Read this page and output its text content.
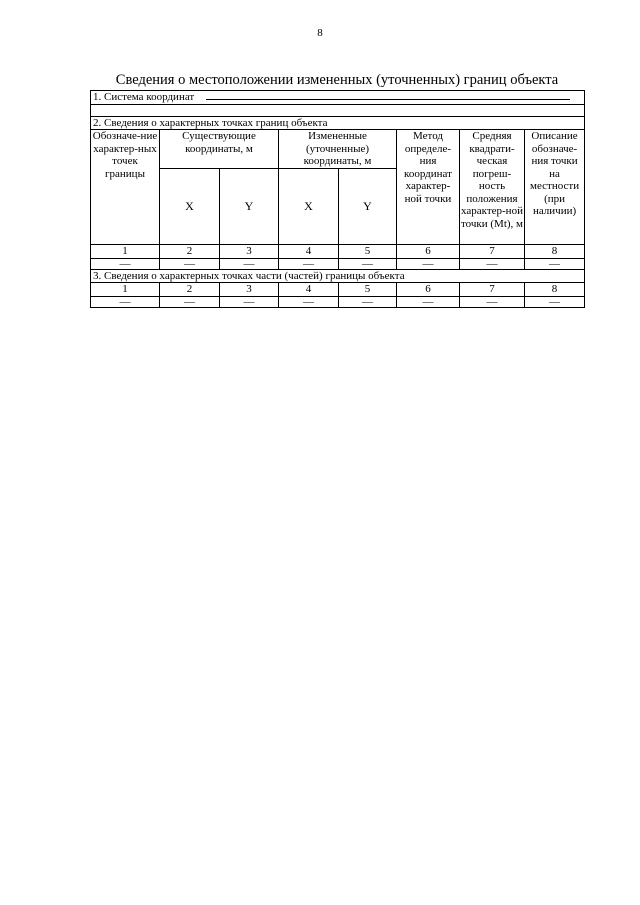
8
Сведения о местоположении измененных (уточненных) границ объекта
1. Система координат							

2. Сведения о характерных точках границ объекта							
Обозначе-ние характер-ных точек границы	Существующие координаты, м		Измененные (уточненные) координаты, м		Метод определе-ния координат характер-ной точки	Средняя квадрати-ческая погреш-ность положения характер-ной точки (Mt), м	Описание обозначе-ния точки на местности (при наличии)
	X	Y	X	Y			
1	2	3	4	5	6	7	8
—	—	—	—	—	—	—	—
3. Сведения о характерных точках части (частей) границы объекта							
1	2	3	4	5	6	7	8
—	—	—	—	—	—	—	—
